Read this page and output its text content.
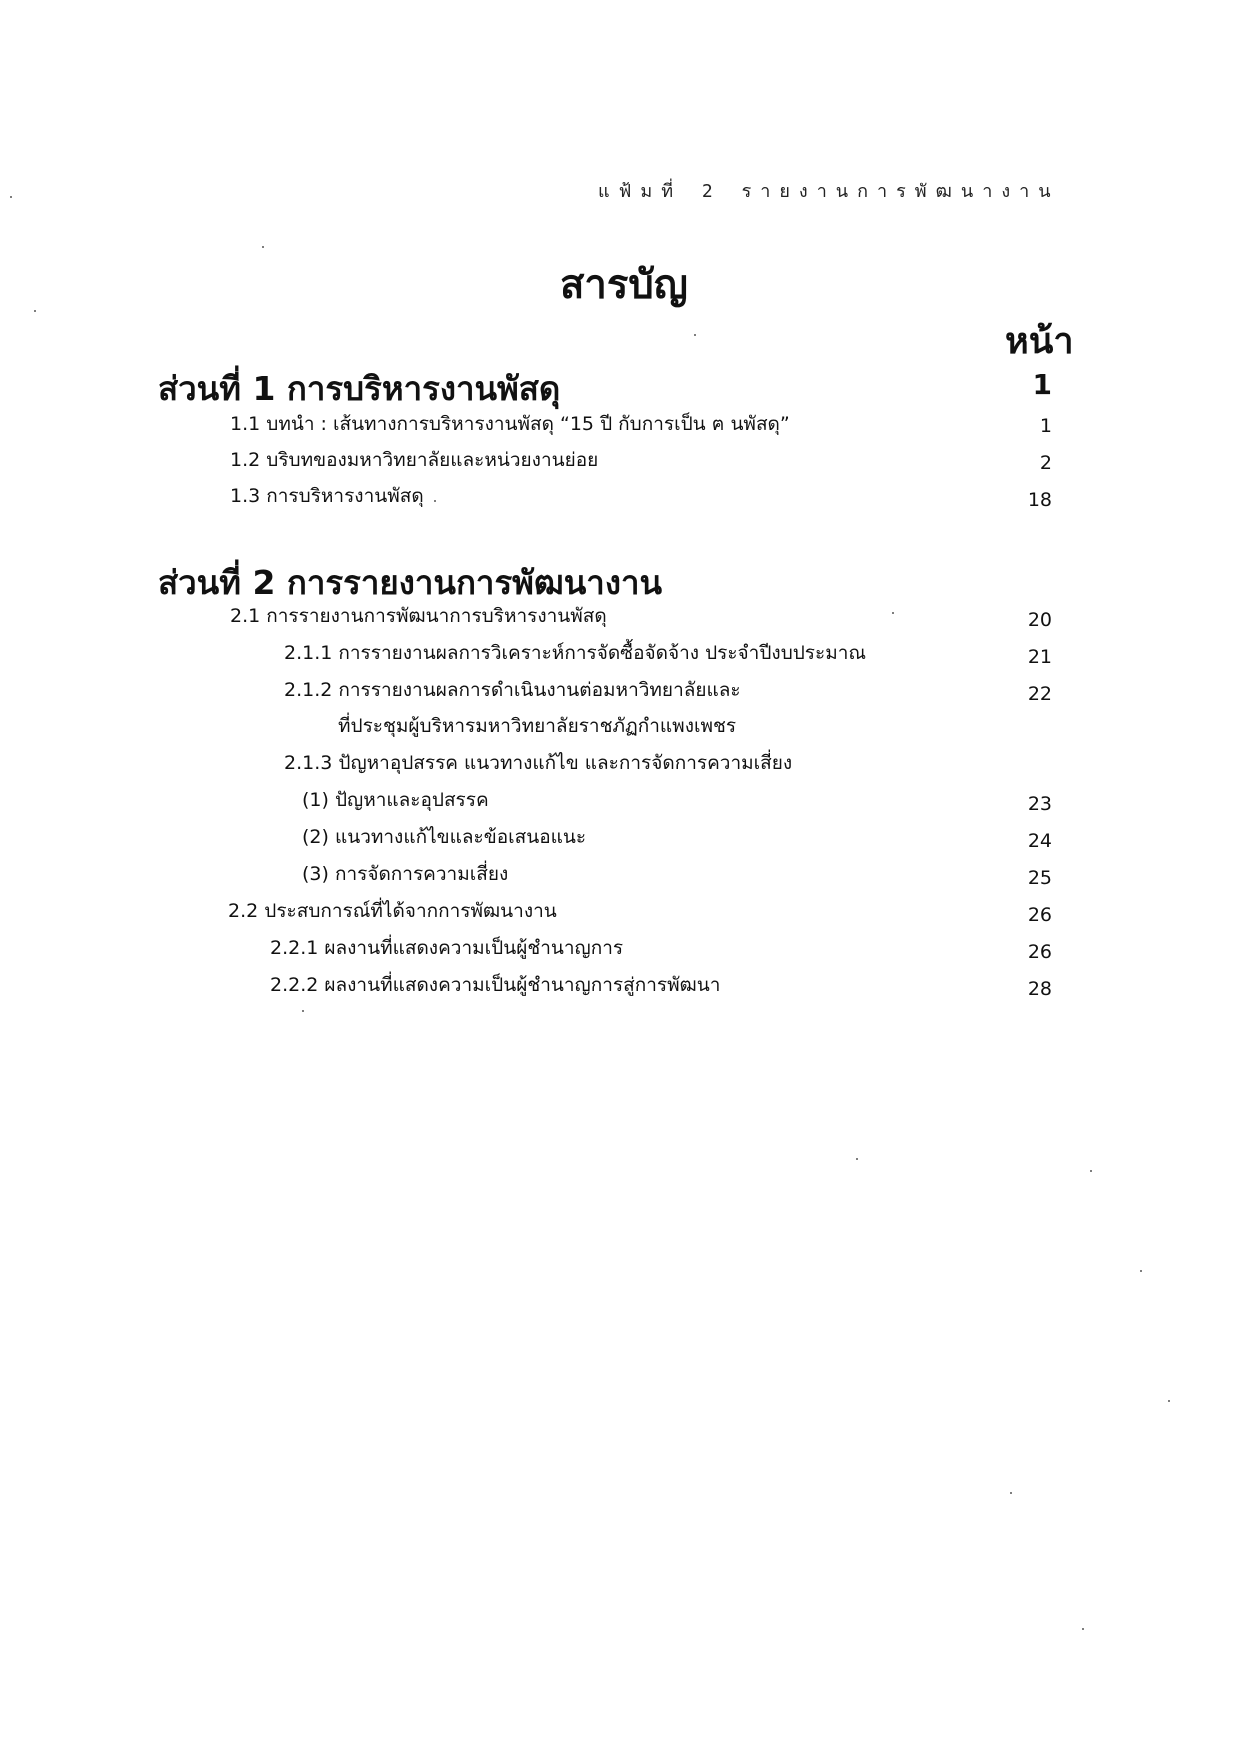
แฟ้มที่ 2 รายงานการพัฒนางาน
สารบัญ
หน้า
ส่วนที่ 1 การบริหารงานพัสดุ	1
1.1 บทนำ : เส้นทางการบริหารงานพัสดุ “15 ปี กับการเป็น ฅ นพัสดุ”	1
1.2 บริบทของมหาวิทยาลัยและหน่วยงานย่อย	2
1.3 การบริหารงานพัสดุ	18
ส่วนที่ 2 การรายงานการพัฒนางาน
2.1 การรายงานการพัฒนาการบริหารงานพัสดุ	20
2.1.1 การรายงานผลการวิเคราะห์การจัดซื้อจัดจ้าง ประจำปีงบประมาณ	21
2.1.2 การรายงานผลการดำเนินงานต่อมหาวิทยาลัยและ	22
ที่ประชุมผู้บริหารมหาวิทยาลัยราชภัฏกำแพงเพชร
2.1.3 ปัญหาอุปสรรค แนวทางแก้ไข และการจัดการความเสี่ยง
(1) ปัญหาและอุปสรรค	23
(2) แนวทางแก้ไขและข้อเสนอแนะ	24
(3) การจัดการความเสี่ยง	25
2.2 ประสบการณ์ที่ได้จากการพัฒนางาน	26
2.2.1 ผลงานที่แสดงความเป็นผู้ชำนาญการ	26
2.2.2 ผลงานที่แสดงความเป็นผู้ชำนาญการสู่การพัฒนา	28
